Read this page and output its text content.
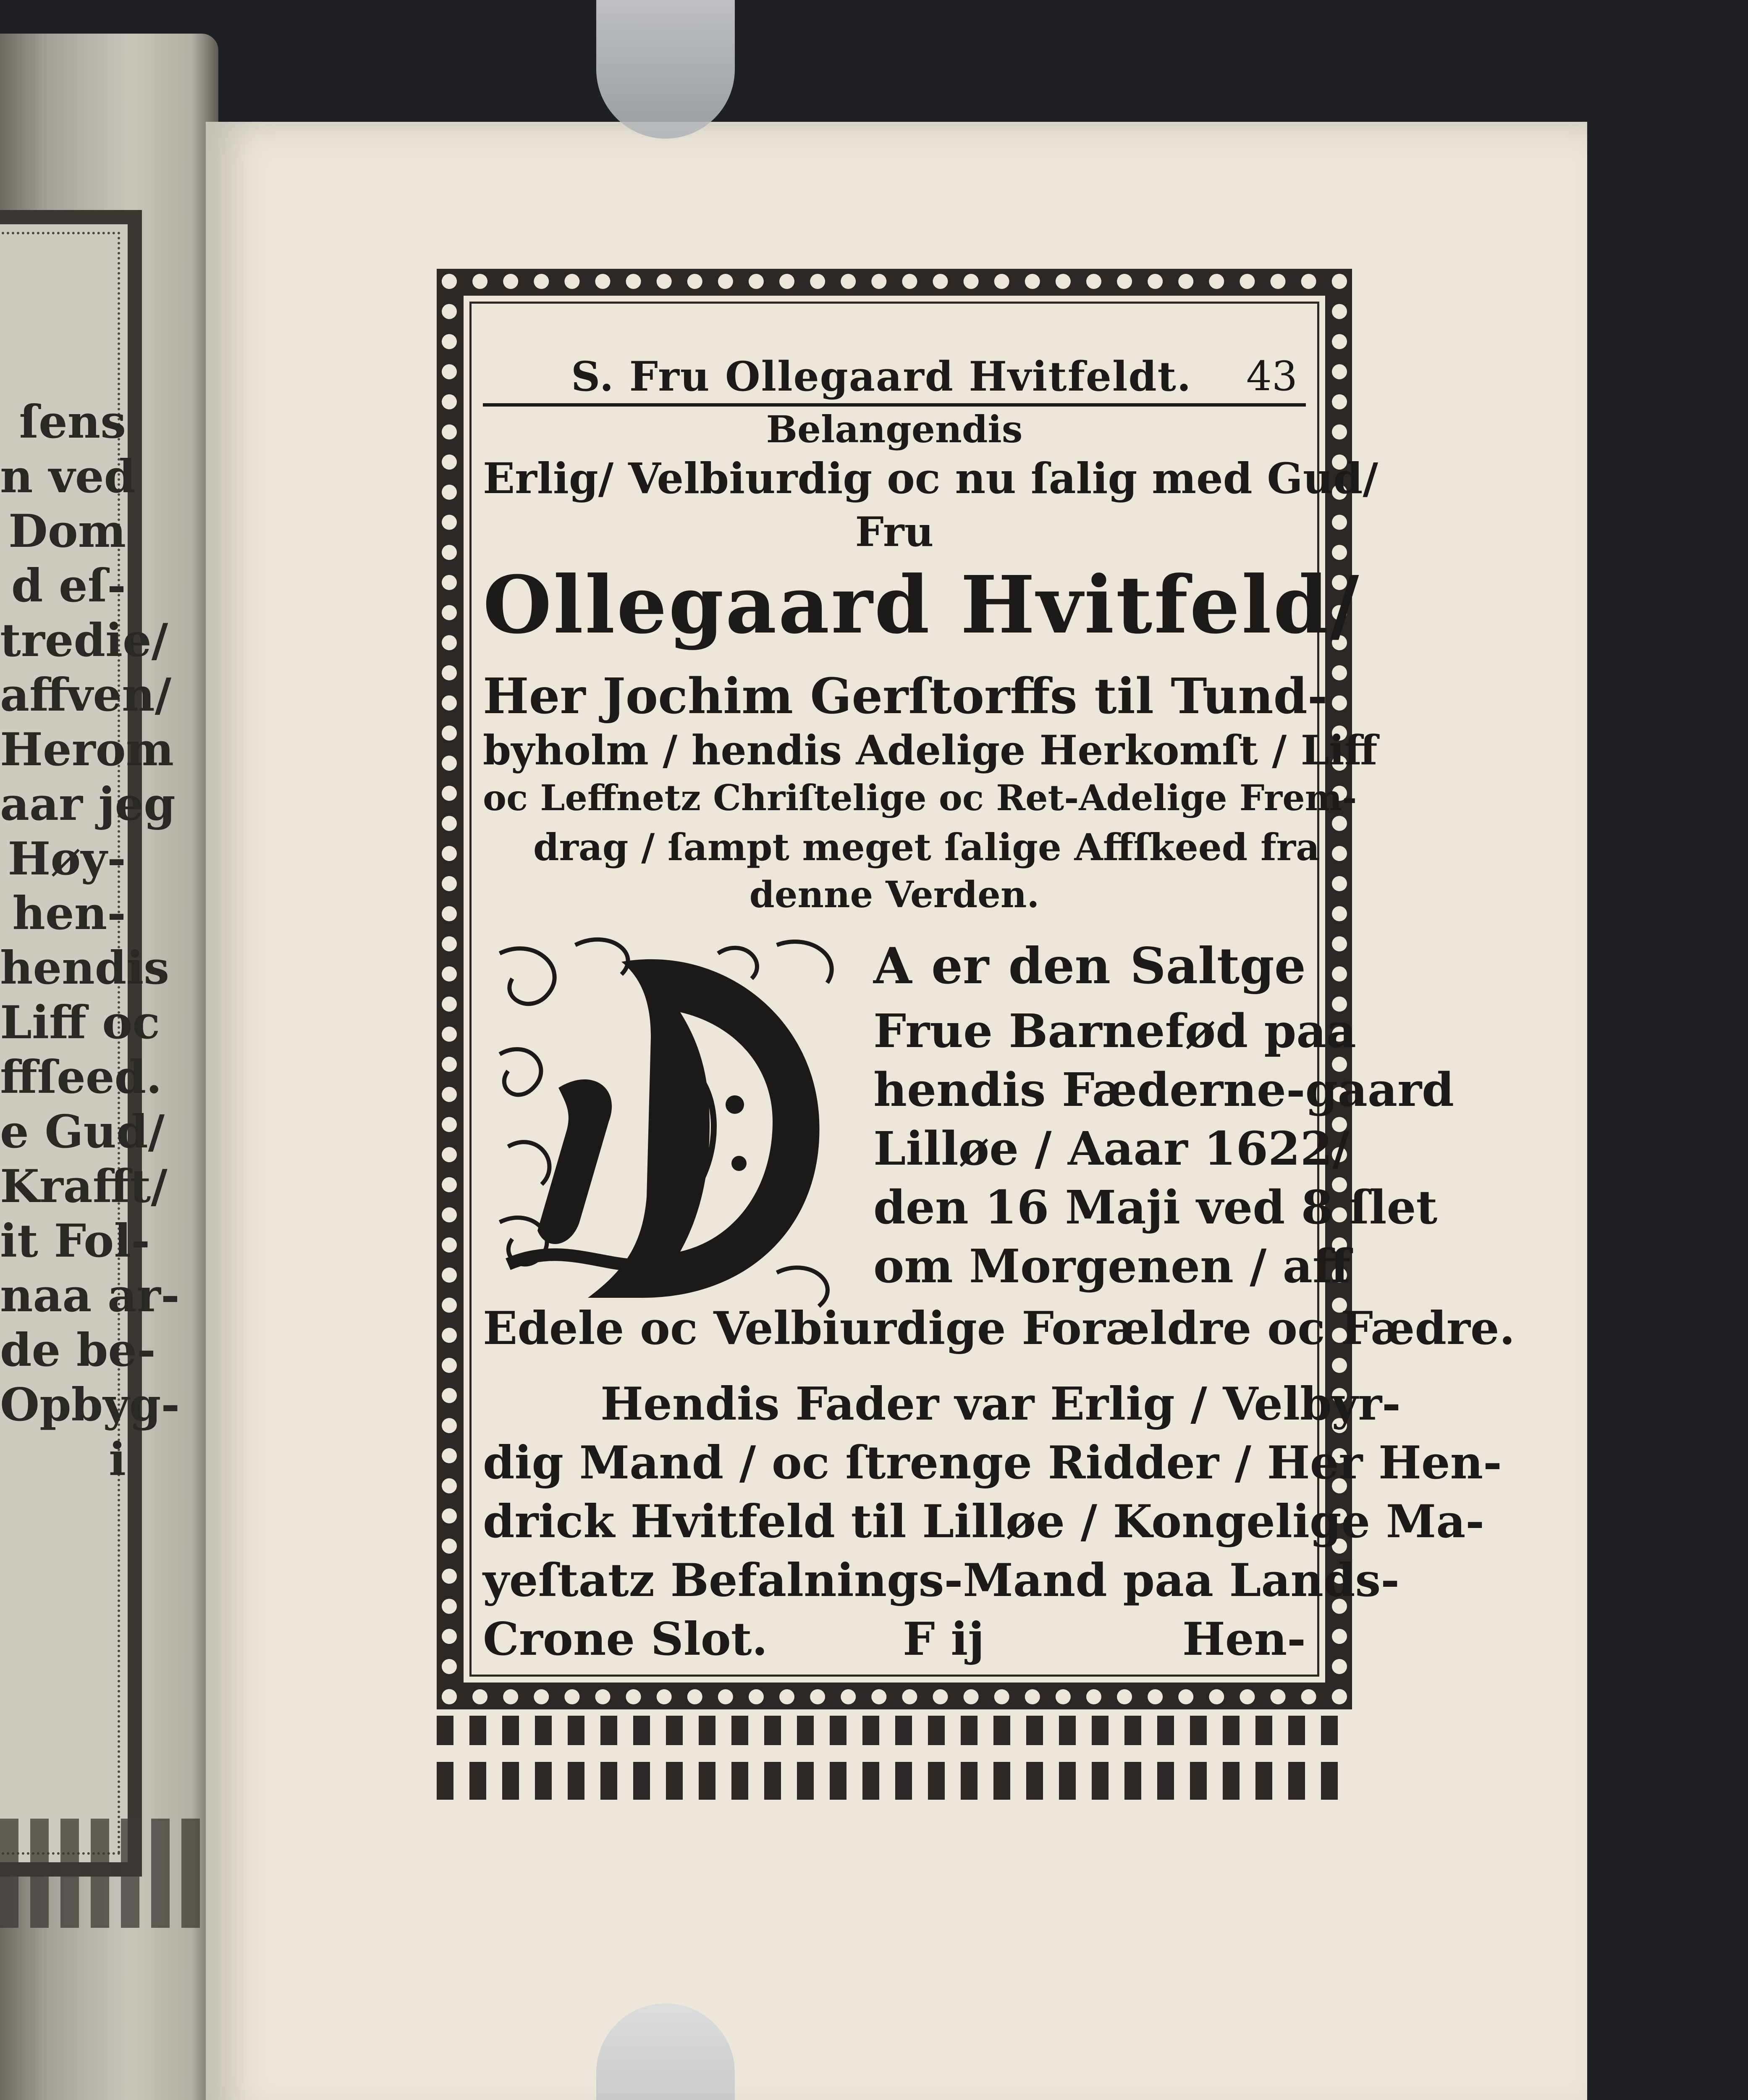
ſens
n ved
Dom
d eſ-
tredie/
affven/
Herom
aar jeg
Høy-
hen-
hendis
Liff oc
ffſeed.
e Gud/
Krafft/
it Fol-
naa ar-
de be-
Opbyg-
i
S. Fru Ollegaard Hvitfeldt. 43
Belangendis
Erlig/ Velbiurdig oc nu ſalig med Gud/
Fru
Ollegaard Hvitfeld/
Her Jochim Gerſtorffs til Tund-
byholm / hendis Adelige Herkomſt / Liff
oc Leffnetz Chriſtelige oc Ret-Adelige Frem-
drag / ſampt meget ſalige Affſkeed fra
denne Verden.
A er den Saltge
Frue Barnefød paa
hendis Fæderne-gaard
Lilløe / Aaar 1622/
den 16 Maji ved 8 ſlet
om Morgenen / aff
Edele oc Velbiurdige Forældre oc Fædre.
Hendis Fader var Erlig / Velbyr-
dig Mand / oc ſtrenge Ridder / Her Hen-
drick Hvitfeld til Lilløe / Kongelige Ma-
yeſtatz Befalnings-Mand paa Lands-
Crone Slot.	F ij	Hen-
